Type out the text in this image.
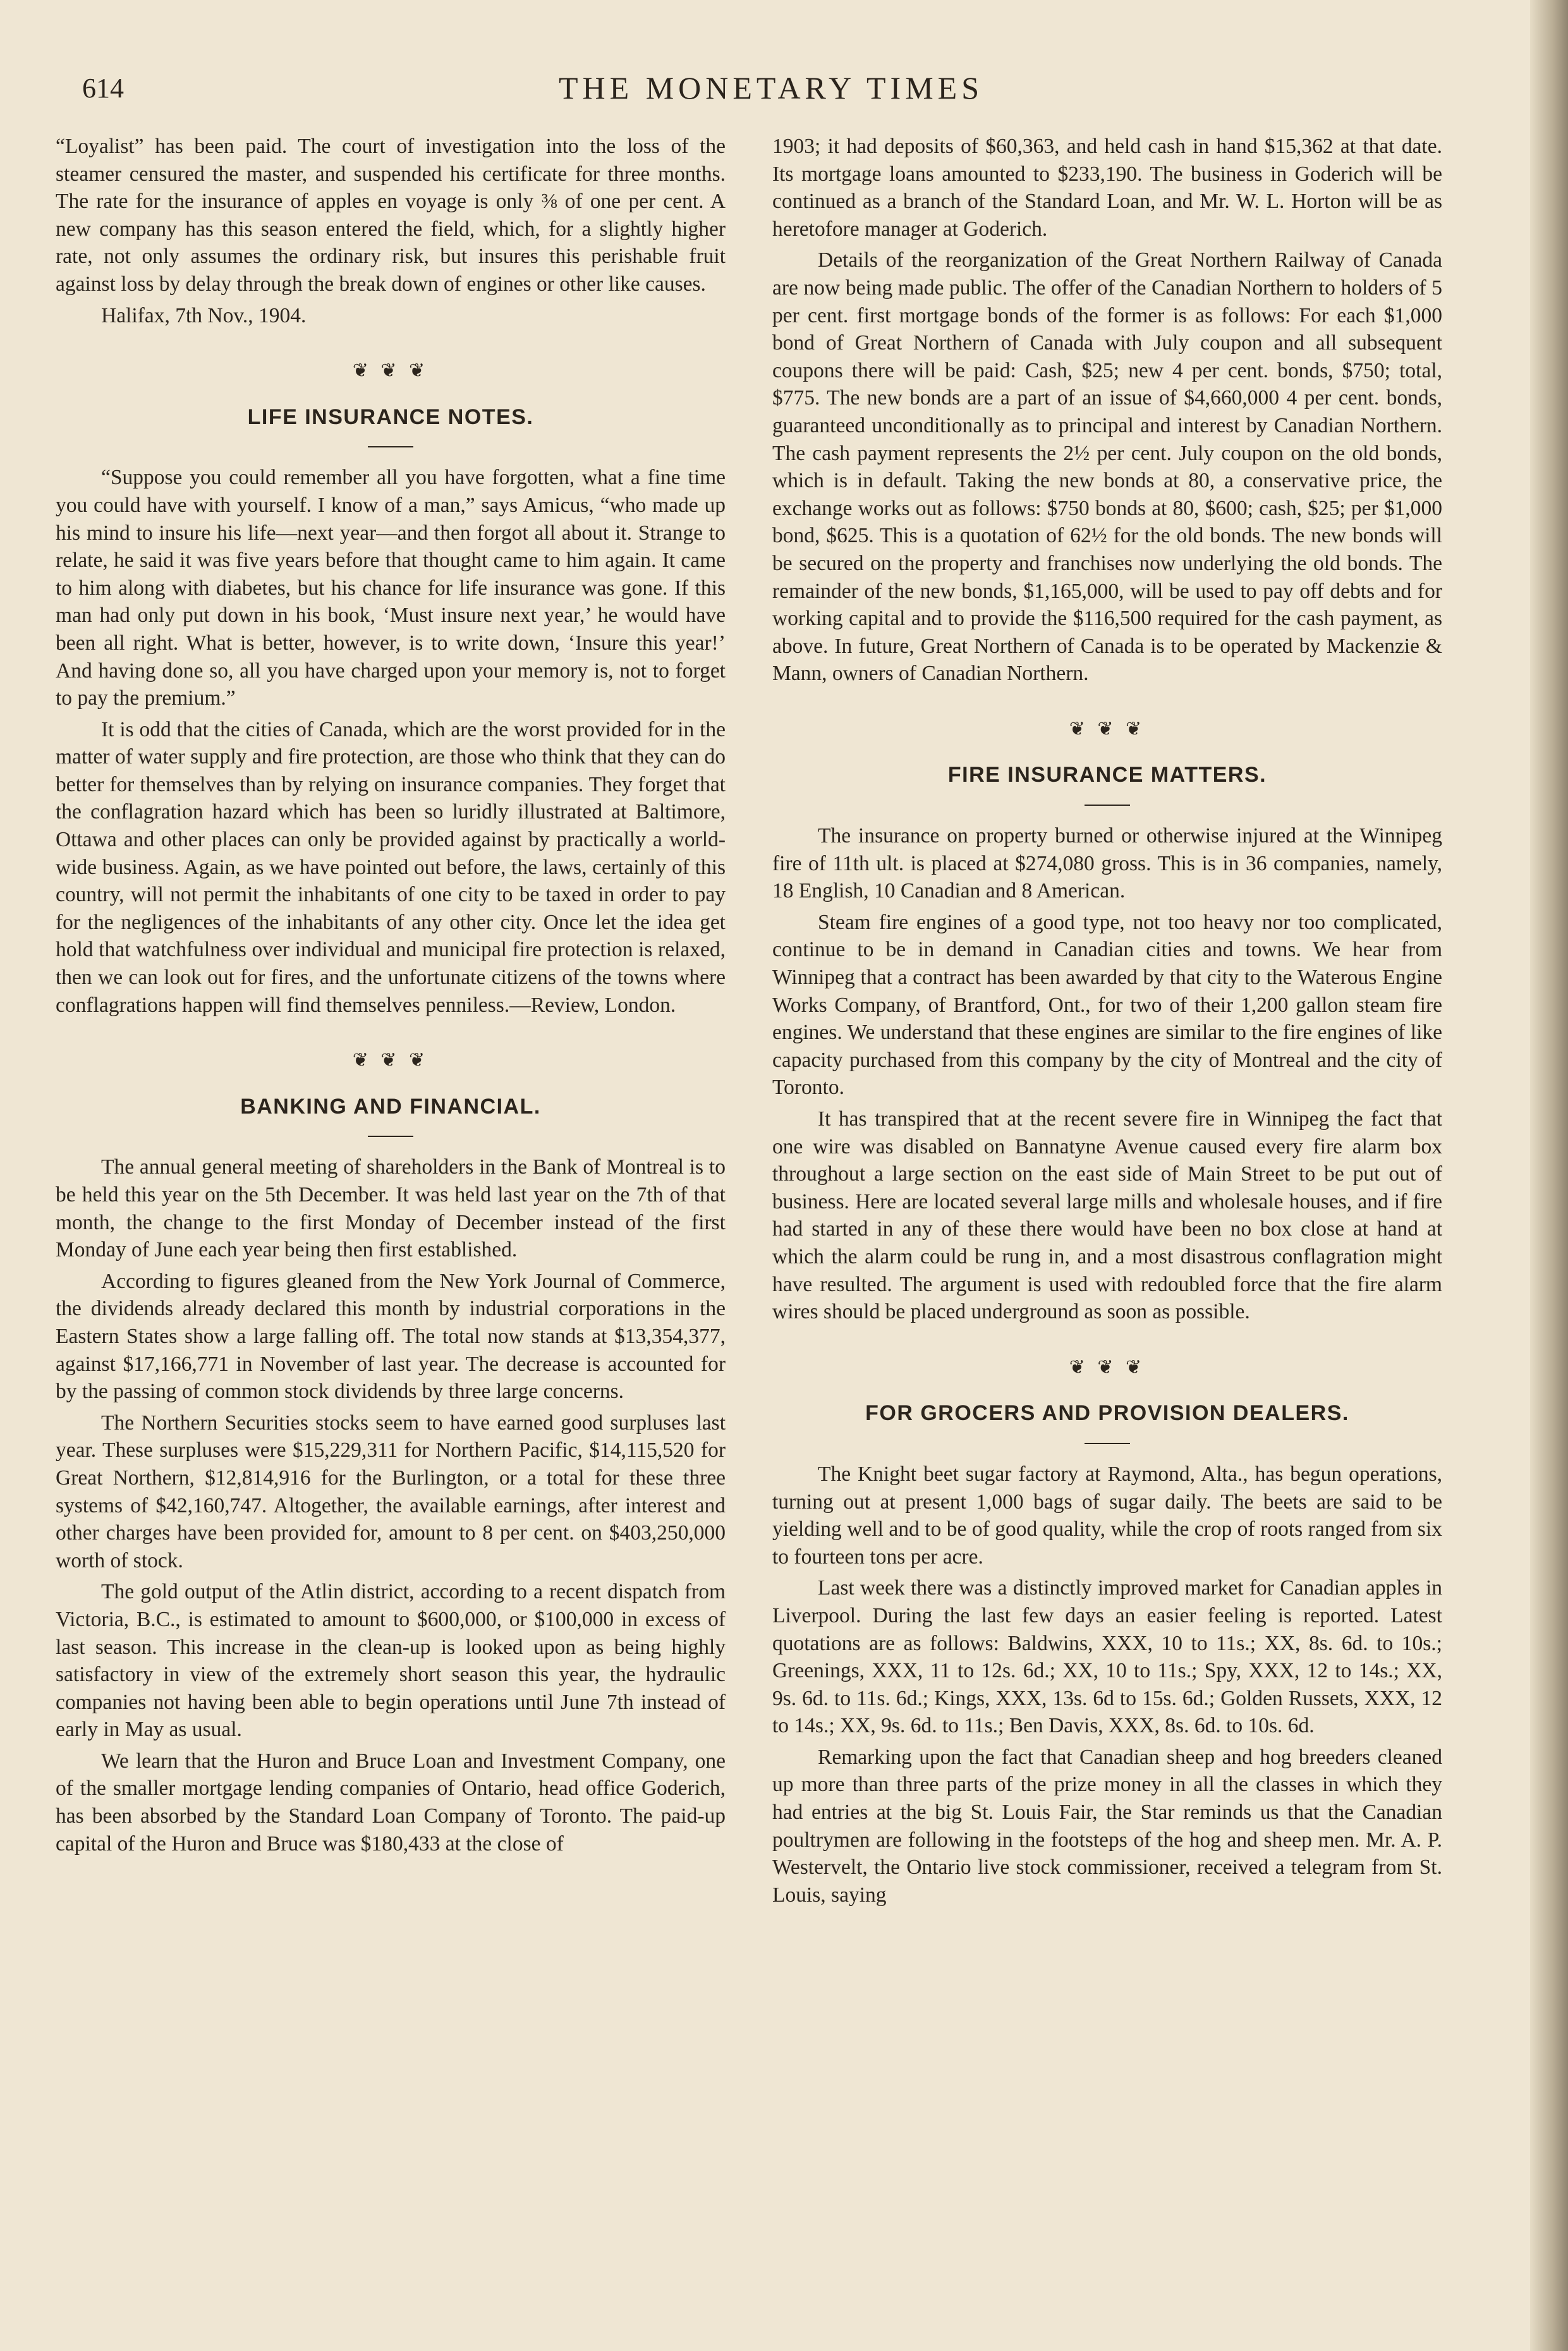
614	THE MONETARY TIMES

“Loyalist” has been paid. The court of investigation into the loss of the steamer censured the master, and suspended his certificate for three months. The rate for the insurance of apples en voyage is only ⅜ of one per cent. A new company has this season entered the field, which, for a slightly higher rate, not only assumes the ordinary risk, but insures this perishable fruit against loss by delay through the break down of engines or other like causes.

Halifax, 7th Nov., 1904.

❦ ❦ ❦
LIFE INSURANCE NOTES.

“Suppose you could remember all you have forgotten, what a fine time you could have with yourself. I know of a man,” says Amicus, “who made up his mind to insure his life—next year—and then forgot all about it. Strange to relate, he said it was five years before that thought came to him again. It came to him along with diabetes, but his chance for life insurance was gone. If this man had only put down in his book, ‘Must insure next year,’ he would have been all right. What is better, however, is to write down, ‘Insure this year!’ And having done so, all you have charged upon your memory is, not to forget to pay the premium.”

It is odd that the cities of Canada, which are the worst provided for in the matter of water supply and fire protection, are those who think that they can do better for themselves than by relying on insurance companies. They forget that the conflagration hazard which has been so luridly illustrated at Baltimore, Ottawa and other places can only be provided against by practically a world-wide business. Again, as we have pointed out before, the laws, certainly of this country, will not permit the inhabitants of one city to be taxed in order to pay for the negligences of the inhabitants of any other city. Once let the idea get hold that watchfulness over individual and municipal fire protection is relaxed, then we can look out for fires, and the unfortunate citizens of the towns where conflagrations happen will find themselves penniless.—Review, London.

❦ ❦ ❦
BANKING AND FINANCIAL.

The annual general meeting of shareholders in the Bank of Montreal is to be held this year on the 5th December. It was held last year on the 7th of that month, the change to the first Monday of December instead of the first Monday of June each year being then first established.

According to figures gleaned from the New York Journal of Commerce, the dividends already declared this month by industrial corporations in the Eastern States show a large falling off. The total now stands at $13,354,377, against $17,166,771 in November of last year. The decrease is accounted for by the passing of common stock dividends by three large concerns.

The Northern Securities stocks seem to have earned good surpluses last year. These surpluses were $15,229,311 for Northern Pacific, $14,115,520 for Great Northern, $12,814,916 for the Burlington, or a total for these three systems of $42,160,747. Altogether, the available earnings, after interest and other charges have been provided for, amount to 8 per cent. on $403,250,000 worth of stock.

The gold output of the Atlin district, according to a recent dispatch from Victoria, B.C., is estimated to amount to $600,000, or $100,000 in excess of last season. This increase in the clean-up is looked upon as being highly satisfactory in view of the extremely short season this year, the hydraulic companies not having been able to begin operations until June 7th instead of early in May as usual.

We learn that the Huron and Bruce Loan and Investment Company, one of the smaller mortgage lending companies of Ontario, head office Goderich, has been absorbed by the Standard Loan Company of Toronto. The paid-up capital of the Huron and Bruce was $180,433 at the close of

1903; it had deposits of $60,363, and held cash in hand $15,362 at that date. Its mortgage loans amounted to $233,190. The business in Goderich will be continued as a branch of the Standard Loan, and Mr. W. L. Horton will be as heretofore manager at Goderich.

Details of the reorganization of the Great Northern Railway of Canada are now being made public. The offer of the Canadian Northern to holders of 5 per cent. first mortgage bonds of the former is as follows: For each $1,000 bond of Great Northern of Canada with July coupon and all subsequent coupons there will be paid: Cash, $25; new 4 per cent. bonds, $750; total, $775. The new bonds are a part of an issue of $4,660,000 4 per cent. bonds, guaranteed unconditionally as to principal and interest by Canadian Northern. The cash payment represents the 2½ per cent. July coupon on the old bonds, which is in default. Taking the new bonds at 80, a conservative price, the exchange works out as follows: $750 bonds at 80, $600; cash, $25; per $1,000 bond, $625. This is a quotation of 62½ for the old bonds. The new bonds will be secured on the property and franchises now underlying the old bonds. The remainder of the new bonds, $1,165,000, will be used to pay off debts and for working capital and to provide the $116,500 required for the cash payment, as above. In future, Great Northern of Canada is to be operated by Mackenzie & Mann, owners of Canadian Northern.

❦ ❦ ❦
FIRE INSURANCE MATTERS.

The insurance on property burned or otherwise injured at the Winnipeg fire of 11th ult. is placed at $274,080 gross. This is in 36 companies, namely, 18 English, 10 Canadian and 8 American.

Steam fire engines of a good type, not too heavy nor too complicated, continue to be in demand in Canadian cities and towns. We hear from Winnipeg that a contract has been awarded by that city to the Waterous Engine Works Company, of Brantford, Ont., for two of their 1,200 gallon steam fire engines. We understand that these engines are similar to the fire engines of like capacity purchased from this company by the city of Montreal and the city of Toronto.

It has transpired that at the recent severe fire in Winnipeg the fact that one wire was disabled on Bannatyne Avenue caused every fire alarm box throughout a large section on the east side of Main Street to be put out of business. Here are located several large mills and wholesale houses, and if fire had started in any of these there would have been no box close at hand at which the alarm could be rung in, and a most disastrous conflagration might have resulted. The argument is used with redoubled force that the fire alarm wires should be placed underground as soon as possible.

❦ ❦ ❦
FOR GROCERS AND PROVISION DEALERS.

The Knight beet sugar factory at Raymond, Alta., has begun operations, turning out at present 1,000 bags of sugar daily. The beets are said to be yielding well and to be of good quality, while the crop of roots ranged from six to fourteen tons per acre.

Last week there was a distinctly improved market for Canadian apples in Liverpool. During the last few days an easier feeling is reported. Latest quotations are as follows: Baldwins, XXX, 10 to 11s.; XX, 8s. 6d. to 10s.; Greenings, XXX, 11 to 12s. 6d.; XX, 10 to 11s.; Spy, XXX, 12 to 14s.; XX, 9s. 6d. to 11s. 6d.; Kings, XXX, 13s. 6d to 15s. 6d.; Golden Russets, XXX, 12 to 14s.; XX, 9s. 6d. to 11s.; Ben Davis, XXX, 8s. 6d. to 10s. 6d.

Remarking upon the fact that Canadian sheep and hog breeders cleaned up more than three parts of the prize money in all the classes in which they had entries at the big St. Louis Fair, the Star reminds us that the Canadian poultrymen are following in the footsteps of the hog and sheep men. Mr. A. P. Westervelt, the Ontario live stock commissioner, received a telegram from St. Louis, saying
